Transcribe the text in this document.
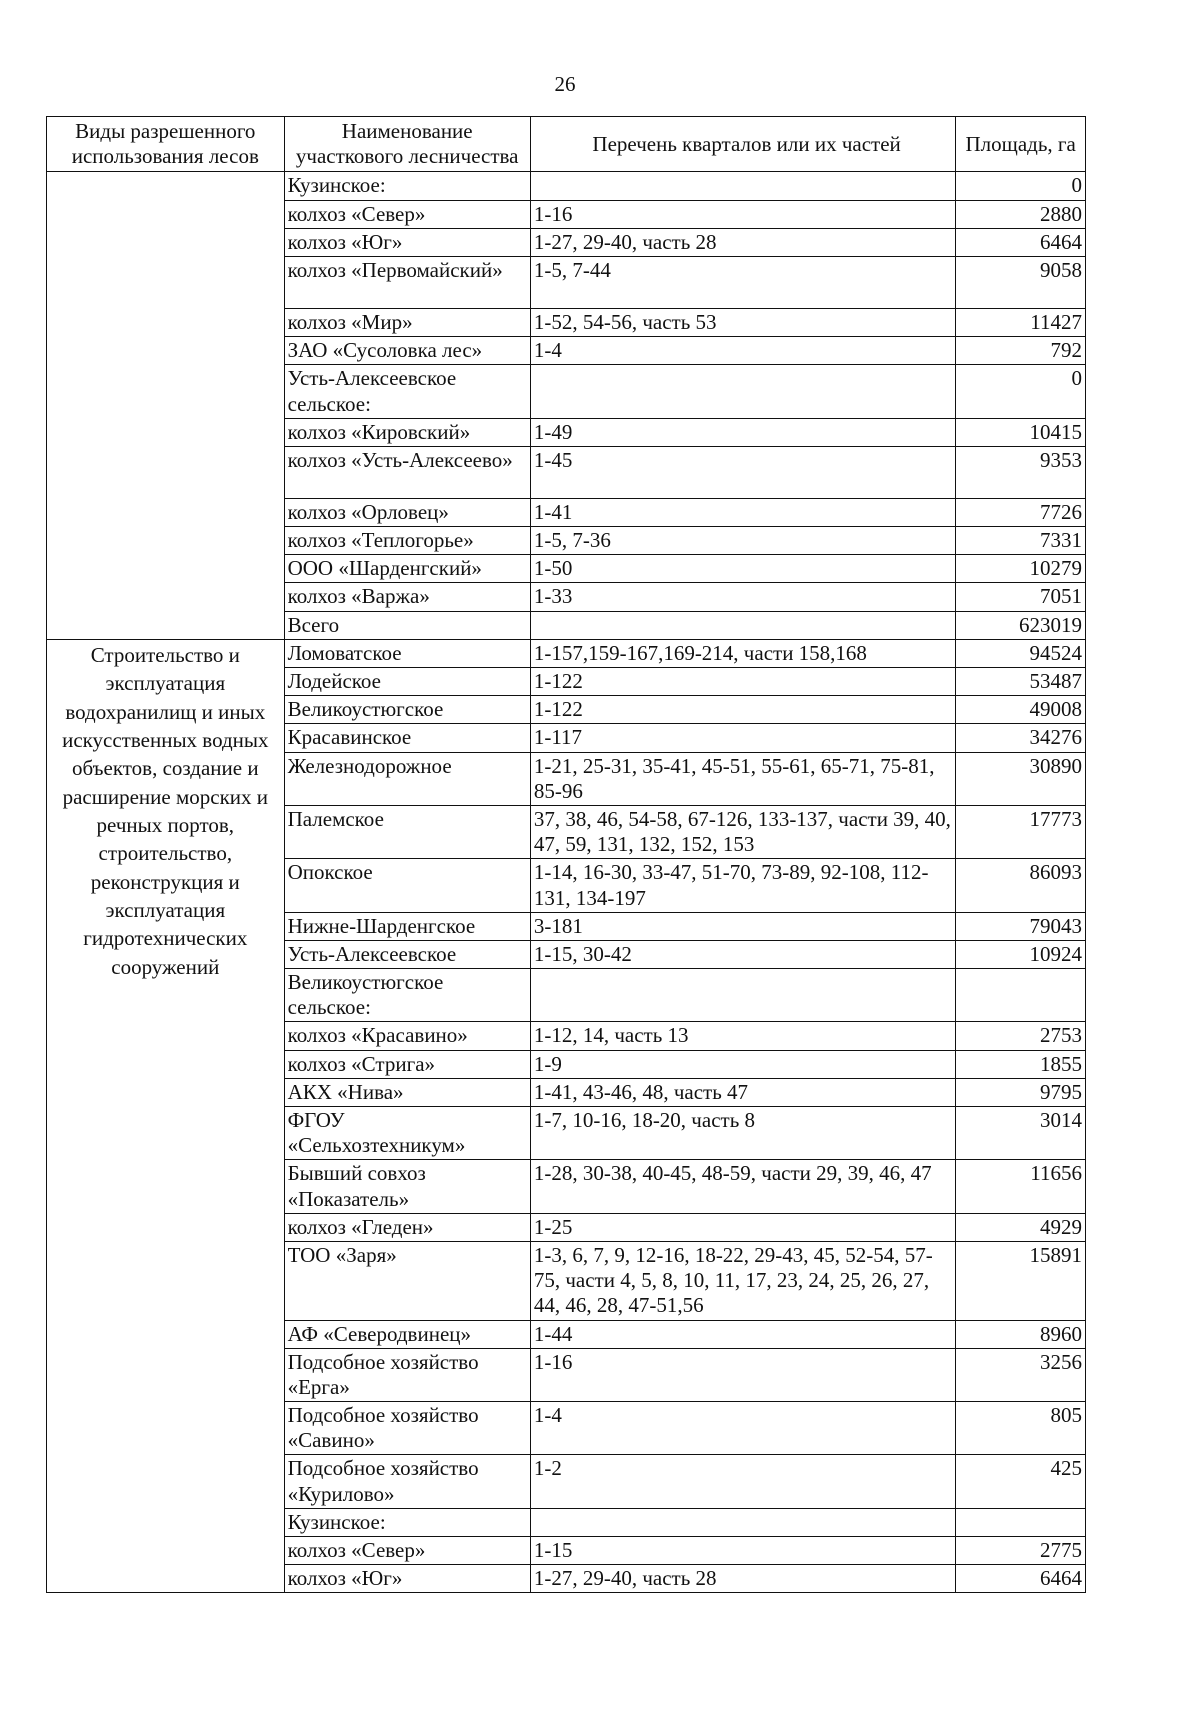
26
Виды разрешенного использования лесов	Наименование участкового лесничества	Перечень кварталов или их частей	Площадь, га
	Кузинское:		0
	колхоз «Север»	1-16	2880
	колхоз «Юг»	1-27, 29-40, часть 28	6464
	колхоз «Первомайский»	1-5, 7-44	9058
	колхоз «Мир»	1-52, 54-56, часть 53	11427
	ЗАО «Сусоловка лес»	1-4	792
	Усть-Алексеевское сельское:		0
	колхоз «Кировский»	1-49	10415
	колхоз «Усть-Алексеево»	1-45	9353
	колхоз «Орловец»	1-41	7726
	колхоз «Теплогорье»	1-5, 7-36	7331
	ООО «Шарденгский»	1-50	10279
	колхоз «Варжа»	1-33	7051
	Всего		623019
Строительство и эксплуатация водохранилищ и иных искусственных водных объектов, создание и расширение морских и речных портов, строительство, реконструкция и эксплуатация гидротехнических сооружений	Ломоватское	1-157,159-167,169-214, части 158,168	94524
	Лодейское	1-122	53487
	Великоустюгское	1-122	49008
	Красавинское	1-117	34276
	Железнодорожное	1-21, 25-31, 35-41, 45-51, 55-61, 65-71, 75-81, 85-96	30890
	Палемское	37, 38, 46, 54-58, 67-126, 133-137, части 39, 40, 47, 59, 131, 132, 152, 153	17773
	Опокское	1-14, 16-30, 33-47, 51-70, 73-89, 92-108, 112-131, 134-197	86093
	Нижне-Шарденгское	3-181	79043
	Усть-Алексеевское	1-15, 30-42	10924
	Великоустюгское сельское:		
	колхоз «Красавино»	1-12, 14, часть 13	2753
	колхоз «Стрига»	1-9	1855
	АКХ «Нива»	1-41, 43-46, 48, часть 47	9795
	ФГОУ «Сельхозтехникум»	1-7, 10-16, 18-20, часть 8	3014
	Бывший совхоз «Показатель»	1-28, 30-38, 40-45, 48-59, части 29, 39, 46, 47	11656
	колхоз «Гледен»	1-25	4929
	ТОО «Заря»	1-3, 6, 7, 9, 12-16, 18-22, 29-43, 45, 52-54, 57-75, части 4, 5, 8, 10, 11, 17, 23, 24, 25, 26, 27, 44, 46, 28, 47-51,56	15891
	АФ «Северодвинец»	1-44	8960
	Подсобное хозяйство «Ерга»	1-16	3256
	Подсобное хозяйство «Савино»	1-4	805
	Подсобное хозяйство «Курилово»	1-2	425
	Кузинское:		
	колхоз «Север»	1-15	2775
	колхоз «Юг»	1-27, 29-40, часть 28	6464
